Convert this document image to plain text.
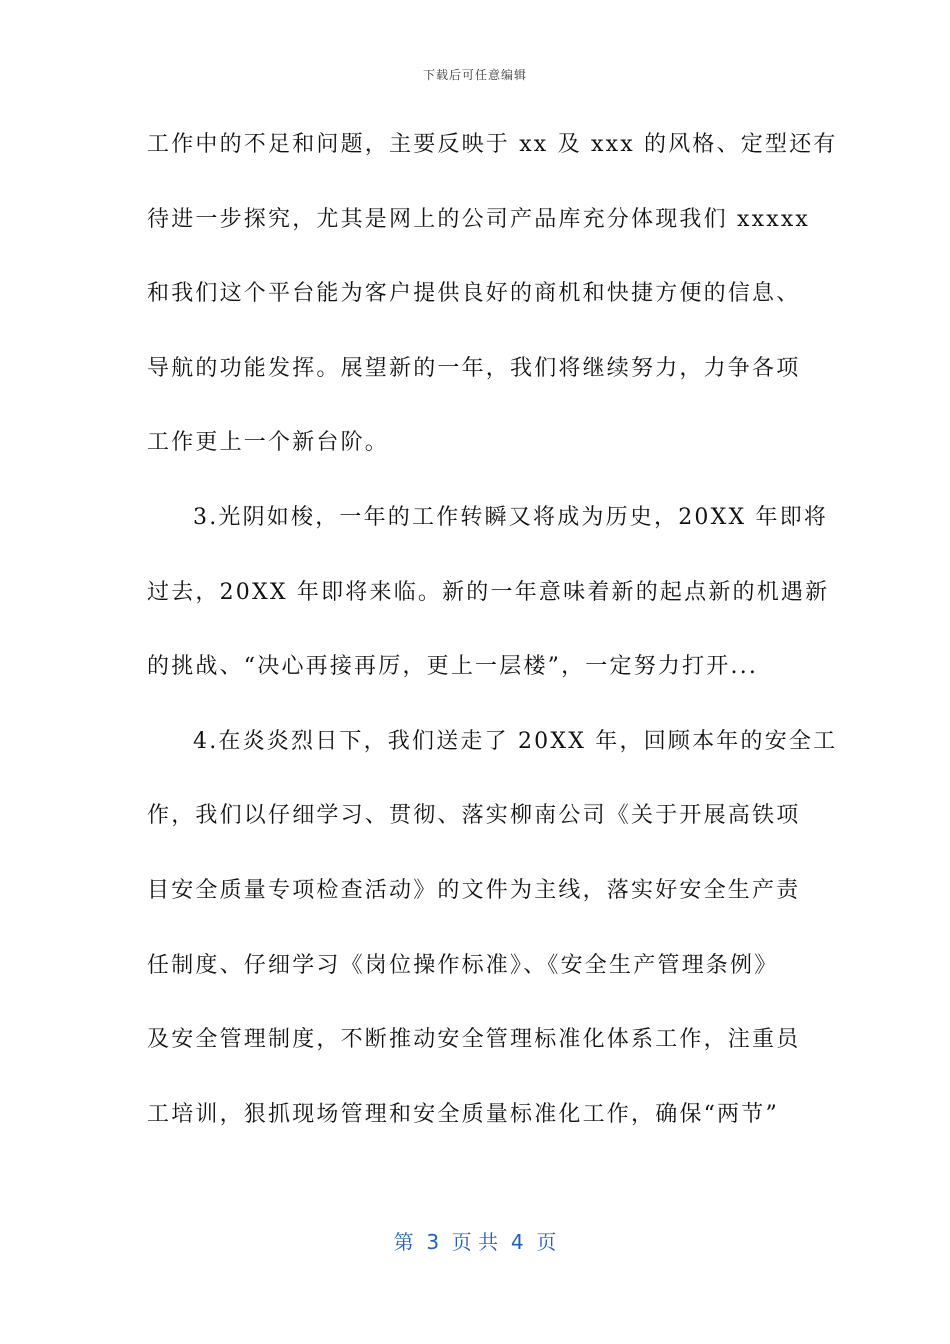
下载后可任意编辑
工作中的不足和问题，主要反映于 xx 及 xxx 的风格、定型还有
待进一步探究，尤其是网上的公司产品库充分体现我们 xxxxx
和我们这个平台能为客户提供良好的商机和快捷方便的信息、
导航的功能发挥。展望新的一年，我们将继续努力，力争各项
工作更上一个新台阶。
3.光阴如梭，一年的工作转瞬又将成为历史，20XX 年即将
过去，20XX 年即将来临。新的一年意味着新的起点新的机遇新
的挑战、“决心再接再厉，更上一层楼”，一定努力打开...
4.在炎炎烈日下，我们送走了 20XX 年，回顾本年的安全工
作，我们以仔细学习、贯彻、落实柳南公司《关于开展高铁项
目安全质量专项检查活动》的文件为主线，落实好安全生产责
任制度、仔细学习《岗位操作标准》、《安全生产管理条例》
及安全管理制度，不断推动安全管理标准化体系工作，注重员
工培训，狠抓现场管理和安全质量标准化工作，确保“两节”
第  3  页 共  4  页
